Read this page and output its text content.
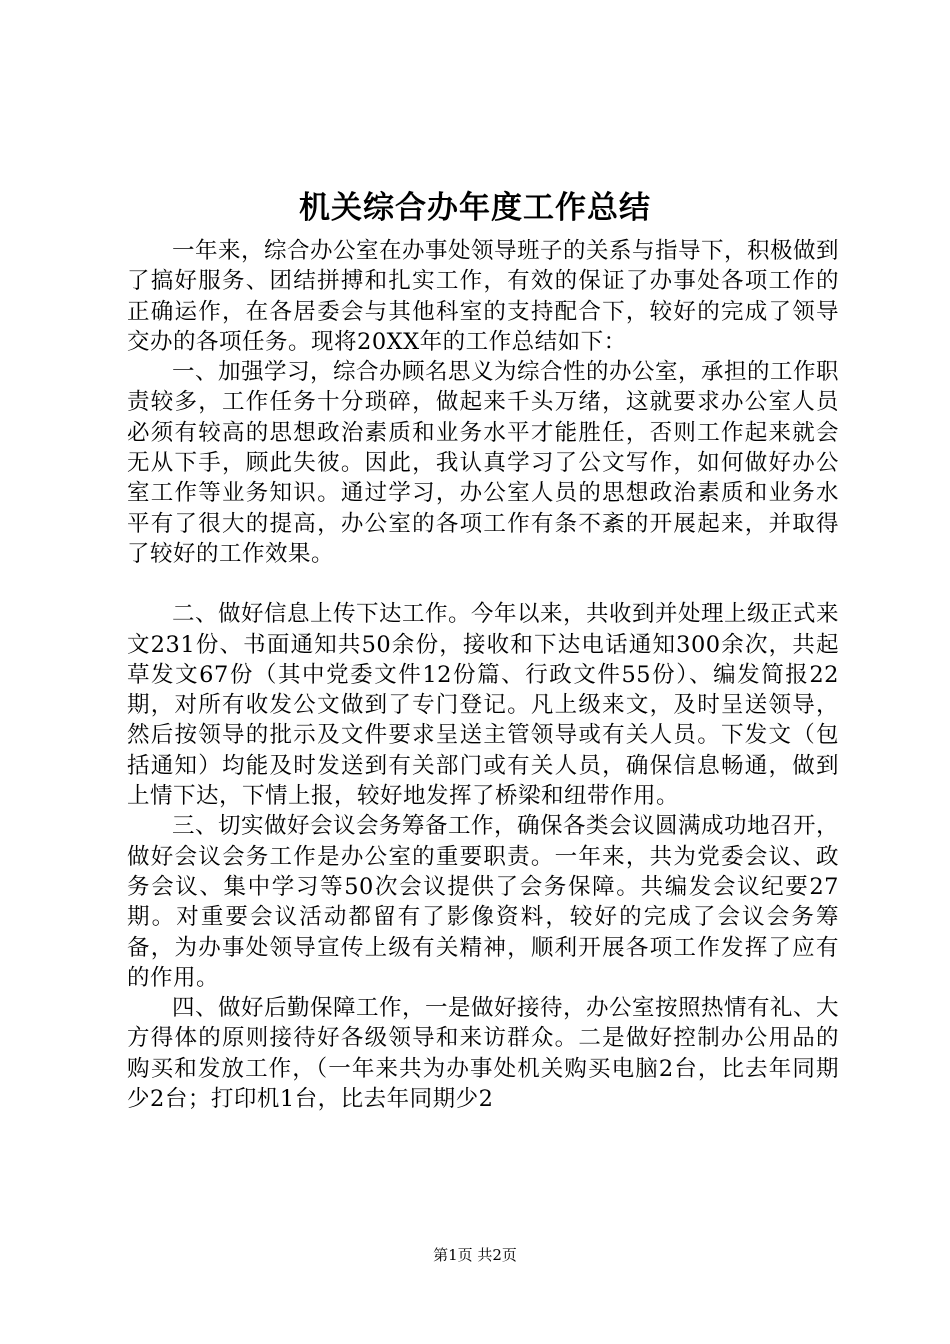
机关综合办年度工作总结

一年来，综合办公室在办事处领导班子的关系与指导下，积极做到了搞好服务、团结拼搏和扎实工作，有效的保证了办事处各项工作的正确运作，在各居委会与其他科室的支持配合下，较好的完成了领导交办的各项任务。现将20XX年的工作总结如下：

一、加强学习，综合办顾名思义为综合性的办公室，承担的工作职责较多，工作任务十分琐碎，做起来千头万绪，这就要求办公室人员必须有较高的思想政治素质和业务水平才能胜任，否则工作起来就会无从下手，顾此失彼。因此，我认真学习了公文写作，如何做好办公室工作等业务知识。通过学习，办公室人员的思想政治素质和业务水平有了很大的提高，办公室的各项工作有条不紊的开展起来，并取得了较好的工作效果。

二、做好信息上传下达工作。今年以来，共收到并处理上级正式来文231份、书面通知共50余份，接收和下达电话通知300余次，共起草发文67份（其中党委文件12份篇、行政文件55份）、编发简报22期，对所有收发公文做到了专门登记。凡上级来文，及时呈送领导，然后按领导的批示及文件要求呈送主管领导或有关人员。下发文（包括通知）均能及时发送到有关部门或有关人员，确保信息畅通，做到上情下达，下情上报，较好地发挥了桥梁和纽带作用。

三、切实做好会议会务筹备工作，确保各类会议圆满成功地召开，做好会议会务工作是办公室的重要职责。一年来，共为党委会议、政务会议、集中学习等50次会议提供了会务保障。共编发会议纪要27期。对重要会议活动都留有了影像资料，较好的完成了会议会务筹备，为办事处领导宣传上级有关精神，顺利开展各项工作发挥了应有的作用。

四、做好后勤保障工作，一是做好接待，办公室按照热情有礼、大方得体的原则接待好各级领导和来访群众。二是做好控制办公用品的购买和发放工作，（一年来共为办事处机关购买电脑2台，比去年同期少2台；打印机1台，比去年同期少2

第1页 共2页
